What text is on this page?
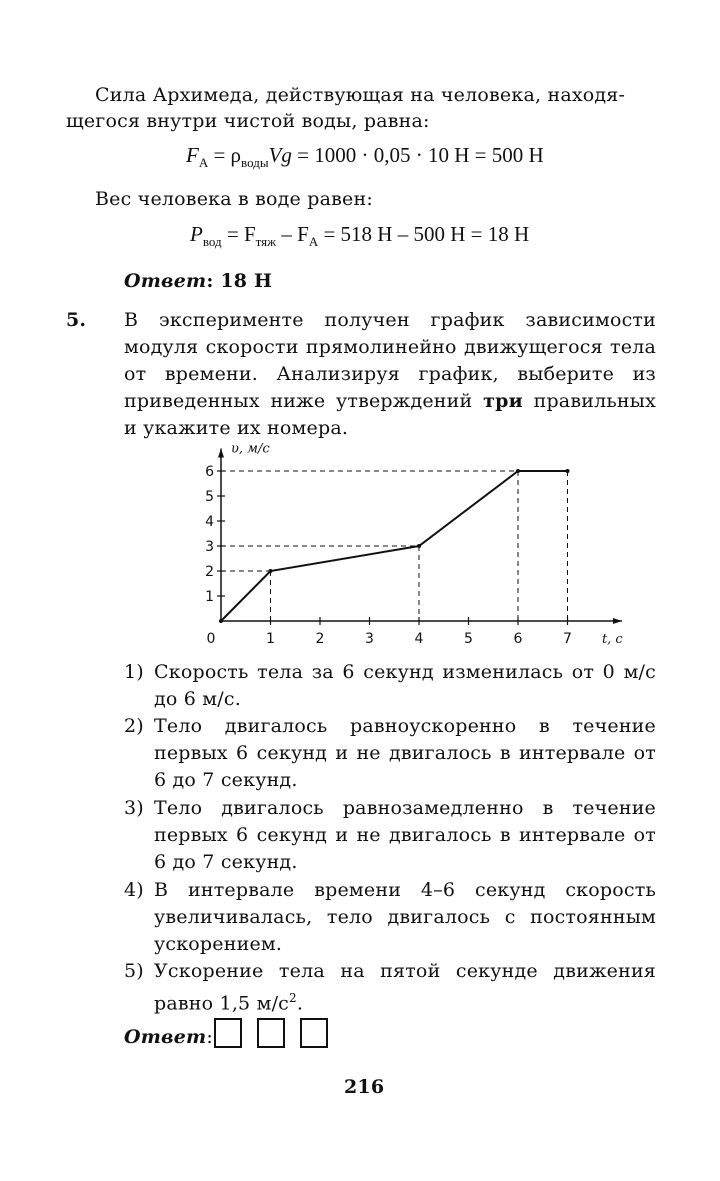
Сила Архимеда, действующая на человека, находя-
щегося внутри чистой воды, равна:
$F_A = \rho_{воды}Vg = 1000 \cdot 0,05 \cdot 10$ Н = 500 Н
Вес человека в воде равен:
$P_{вод} = F_{тяж} - F_A = 518$ Н – 500 Н = 18 Н
Ответ: 18 Н
5. В эксперименте получен график зависимости модуля скорости прямолинейно движущегося тела от времени. Анализируя график, выберите из приведенных ниже утверждений три правильных и укажите их номера.
1
2
3
4
5
6
1	2	3	4	5	6	7
0
υ, м/с
t, c
1) Скорость тела за 6 секунд изменилась от 0 м/с до 6 м/с.
2) Тело двигалось равноускоренно в течение первых 6 секунд и не двигалось в интервале от 6 до 7 секунд.
3) Тело двигалось равнозамедленно в течение первых 6 секунд и не двигалось в интервале от 6 до 7 секунд.
4) В интервале времени 4–6 секунд скорость увеличивалась, тело двигалось с постоянным ускорением.
5) Ускорение тела на пятой секунде движения равно 1,5 $м/с^2$.
Ответ:
216
